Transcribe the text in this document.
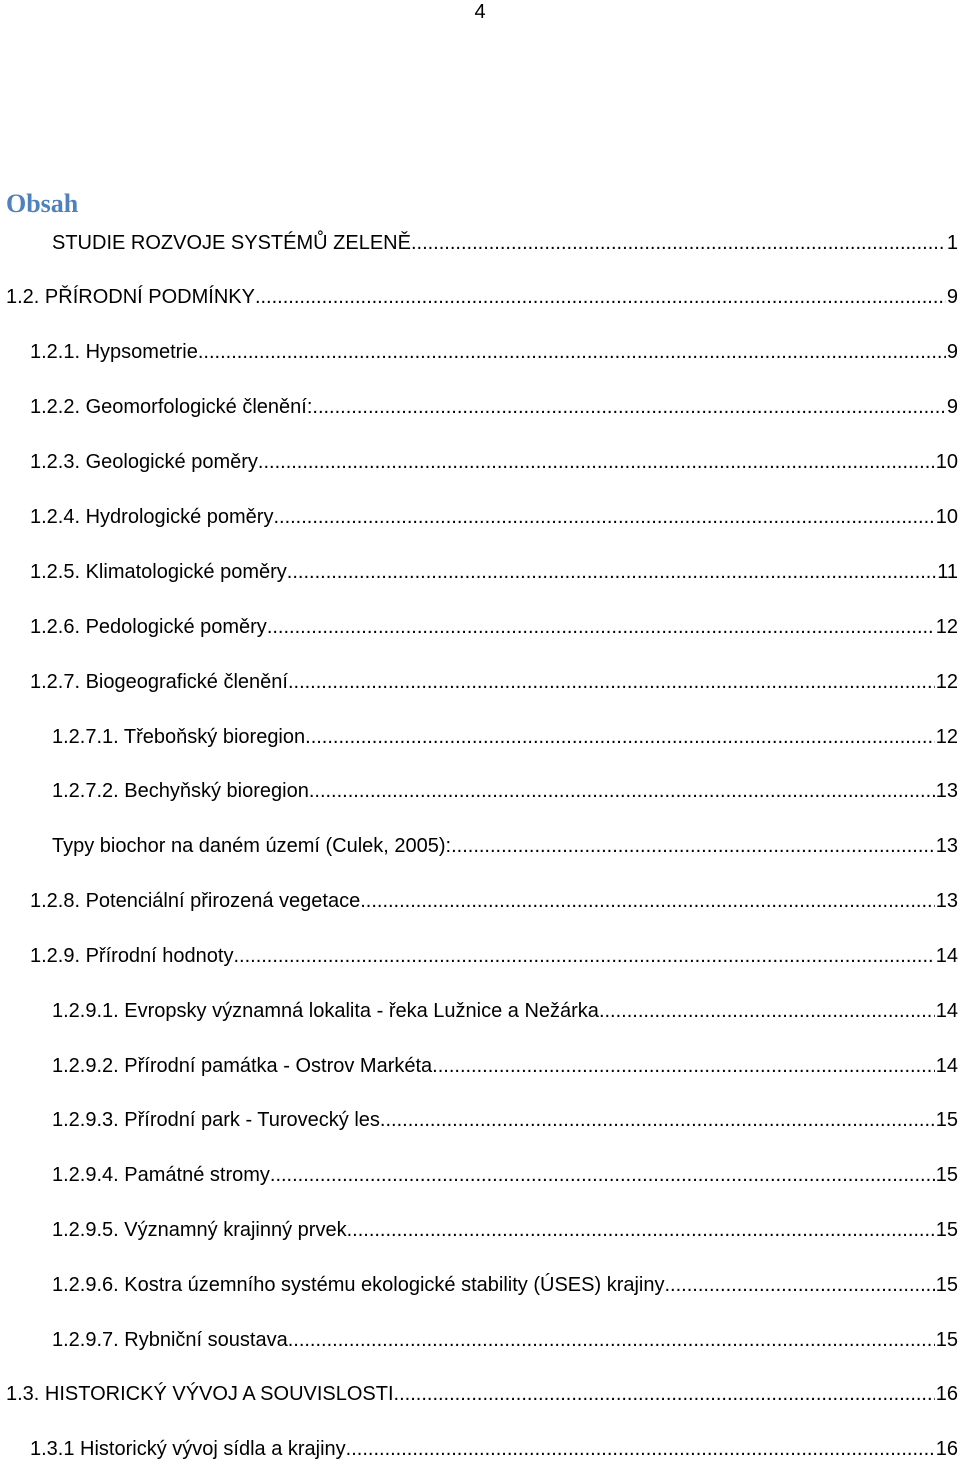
4
Obsah
STUDIE ROZVOJE SYSTÉMŮ ZELENĚ .....	1
1.2. PŘÍRODNÍ PODMÍNKY .....	9
1.2.1. Hypsometrie .....	9
1.2.2. Geomorfologické členění: .....	9
1.2.3. Geologické poměry .....	10
1.2.4. Hydrologické poměry .....	10
1.2.5. Klimatologické poměry .....	11
1.2.6. Pedologické poměry .....	12
1.2.7. Biogeografické členění .....	12
1.2.7.1. Třeboňský bioregion. .....	12
1.2.7.2. Bechyňský bioregion .....	13
Typy biochor na daném území (Culek, 2005): .....	13
1.2.8. Potenciální přirozená vegetace .....	13
1.2.9. Přírodní hodnoty .....	14
1.2.9.1. Evropsky významná lokalita - řeka Lužnice a Nežárka .....	14
1.2.9.2. Přírodní památka - Ostrov Markéta .....	14
1.2.9.3. Přírodní park - Turovecký les .....	15
1.2.9.4. Památné stromy .....	15
1.2.9.5. Významný krajinný prvek .....	15
1.2.9.6. Kostra územního systému ekologické stability (ÚSES) krajiny .....	15
1.2.9.7. Rybniční soustava .....	15
1.3. HISTORICKÝ VÝVOJ A SOUVISLOSTI .....	16
1.3.1 Historický vývoj sídla a krajiny .....	16
